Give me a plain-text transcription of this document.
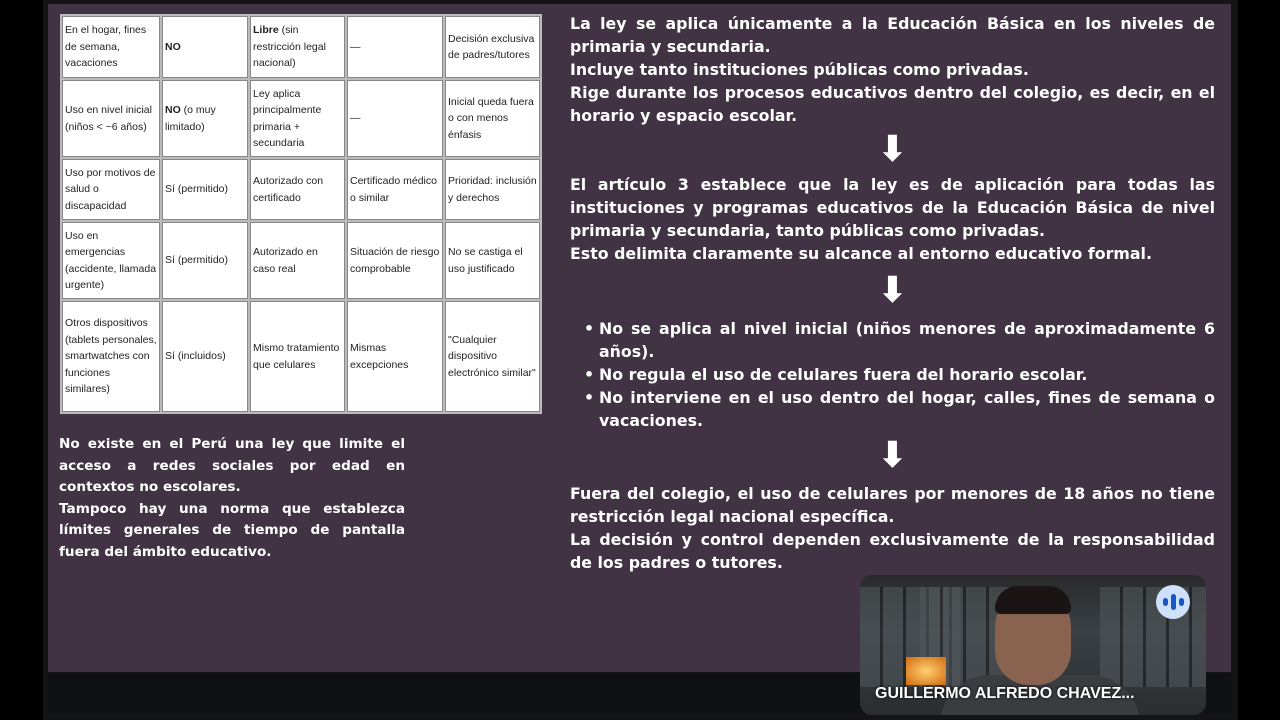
En el hogar, fines de semana, vacaciones	NO	Libre (sin restricción legal nacional)	—	Decisión exclusiva de padres/tutores
Uso en nivel inicial (niños < ~6 años)	NO (o muy limitado)	Ley aplica principalmente primaria + secundaria	—	Inicial queda fuera o con menos énfasis
Uso por motivos de salud o discapacidad	Sí (permitido)	Autorizado con certificado	Certificado médico o similar	Prioridad: inclusión y derechos
Uso en emergencias (accidente, llamada urgente)	Sí (permitido)	Autorizado en caso real	Situación de riesgo comprobable	No se castiga el uso justificado
Otros dispositivos (tablets personales, smartwatches con funciones similares)	Sí (incluidos)	Mismo tratamiento que celulares	Mismas excepciones	"Cualquier dispositivo electrónico similar"
No existe en el Perú una ley que limite el acceso a redes sociales por edad en contextos no escolares.
Tampoco hay una norma que establezca límites generales de tiempo de pantalla fuera del ámbito educativo.
La ley se aplica únicamente a la Educación Básica en los niveles de primaria y secundaria.
Incluye tanto instituciones públicas como privadas.
Rige durante los procesos educativos dentro del colegio, es decir, en el horario y espacio escolar.
⬇
El artículo 3 establece que la ley es de aplicación para todas las instituciones y programas educativos de la Educación Básica de nivel primaria y secundaria, tanto públicas como privadas.
Esto delimita claramente su alcance al entorno educativo formal.
⬇
• No se aplica al nivel inicial (niños menores de aproximadamente 6 años).
• No regula el uso de celulares fuera del horario escolar.
• No interviene en el uso dentro del hogar, calles, fines de semana o vacaciones.
⬇
Fuera del colegio, el uso de celulares por menores de 18 años no tiene restricción legal nacional específica.
La decisión y control dependen exclusivamente de la responsabilidad de los padres o tutores.
GUILLERMO ALFREDO CHAVEZ...
